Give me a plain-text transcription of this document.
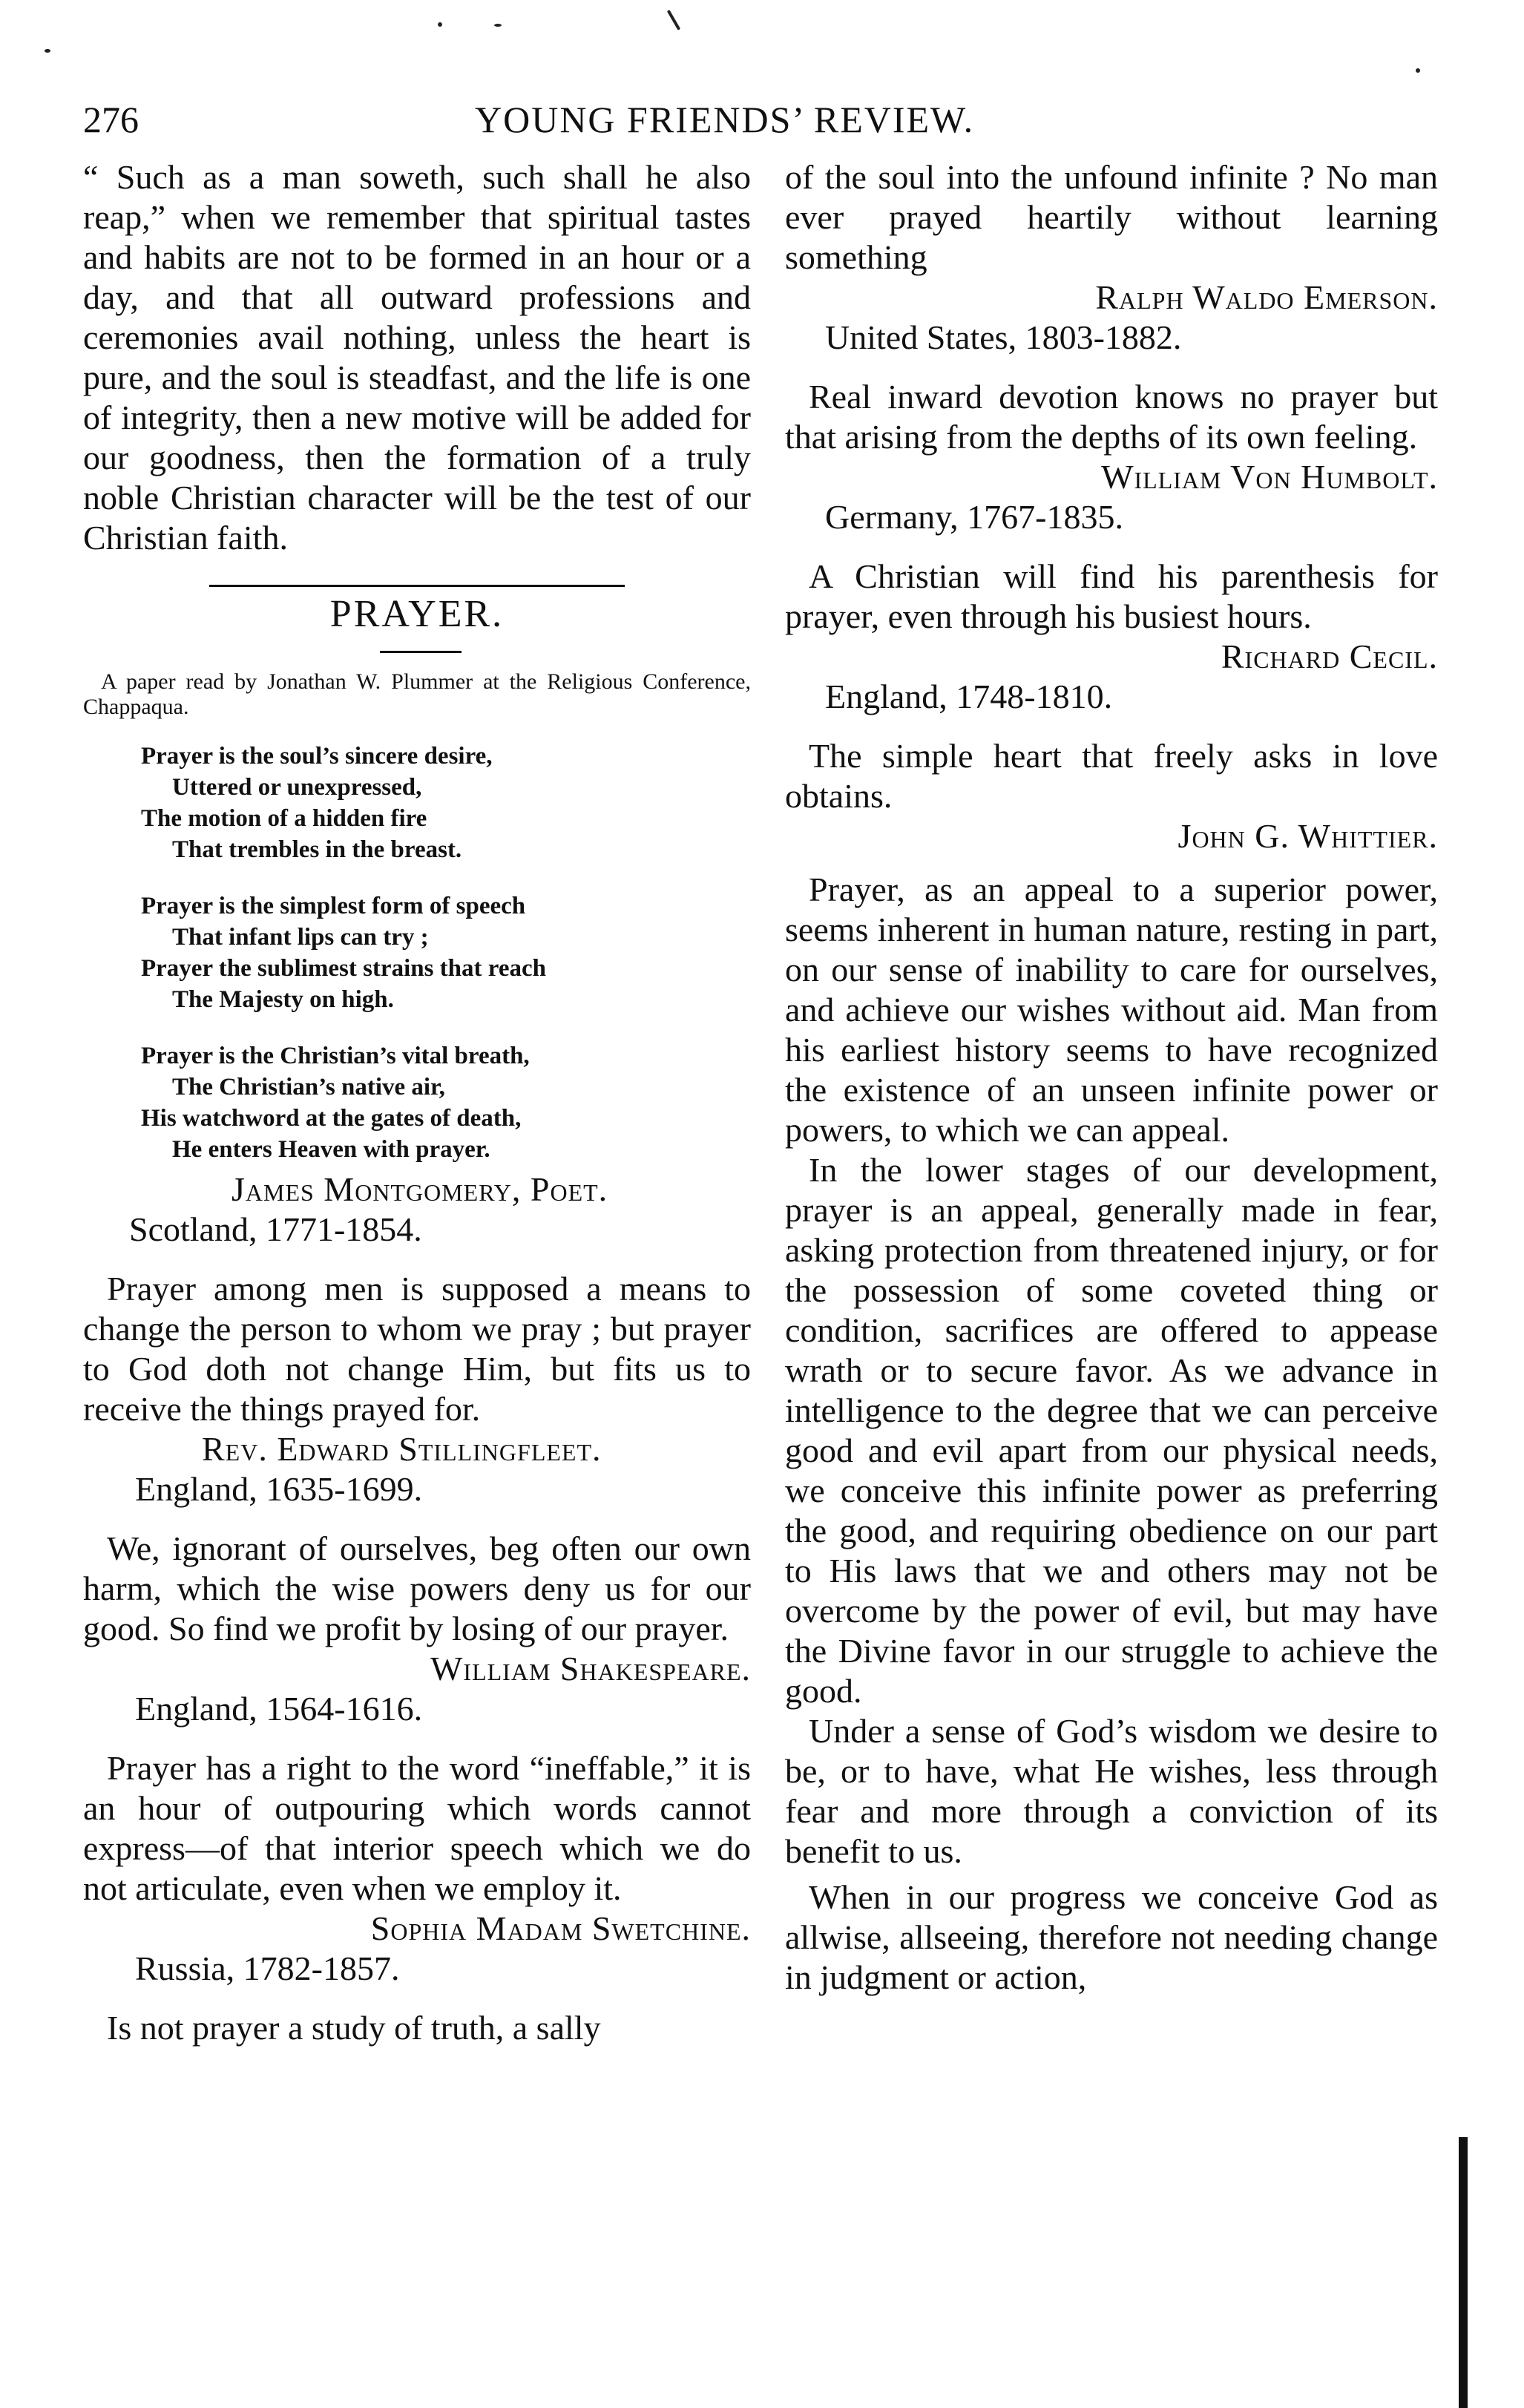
276	YOUNG FRIENDS’ REVIEW.

“ Such as a man soweth, such shall he also reap,” when we remember that spiritual tastes and habits are not to be formed in an hour or a day, and that all outward professions and ceremonies avail nothing, unless the heart is pure, and the soul is steadfast, and the life is one of integrity, then a new motive will be added for our goodness, then the formation of a truly noble Christian character will be the test of our Christian faith.

PRAYER.

A paper read by Jonathan W. Plummer at the Religious Conference, Chappaqua.

Prayer is the soul’s sincere desire,
Uttered or unexpressed,
The motion of a hidden fire
That trembles in the breast.
Prayer is the simplest form of speech
That infant lips can try ;
Prayer the sublimest strains that reach
The Majesty on high.
Prayer is the Christian’s vital breath,
The Christian’s native air,
His watchword at the gates of death,
He enters Heaven with prayer.

James Montgomery, Poet.

Scotland, 1771-1854.

Prayer among men is supposed a means to change the person to whom we pray ; but prayer to God doth not change Him, but fits us to receive the things prayed for.

Rev. Edward Stillingfleet.

England, 1635-1699.

We, ignorant of ourselves, beg often our own harm, which the wise powers deny us for our good. So find we profit by losing of our prayer.

William Shakespeare.

England, 1564-1616.

Prayer has a right to the word “ineffable,” it is an hour of outpouring which words cannot express—of that interior speech which we do not articulate, even when we employ it.

Sophia Madam Swetchine.

Russia, 1782-1857.

Is not prayer a study of truth, a sally

of the soul into the unfound infinite ? No man ever prayed heartily without learning something

Ralph Waldo Emerson.

United States, 1803-1882.

Real inward devotion knows no prayer but that arising from the depths of its own feeling.

William Von Humbolt.

Germany, 1767-1835.

A Christian will find his parenthesis for prayer, even through his busiest hours.

Richard Cecil.

England, 1748-1810.

The simple heart that freely asks in love obtains.

John G. Whittier.

Prayer, as an appeal to a superior power, seems inherent in human nature, resting in part, on our sense of inability to care for ourselves, and achieve our wishes without aid. Man from his earliest history seems to have recognized the existence of an unseen infinite power or powers, to which we can appeal.

In the lower stages of our development, prayer is an appeal, generally made in fear, asking protection from threatened injury, or for the possession of some coveted thing or condition, sacrifices are offered to appease wrath or to secure favor. As we advance in intelligence to the degree that we can perceive good and evil apart from our physical needs, we conceive this infinite power as preferring the good, and requiring obedience on our part to His laws that we and others may not be overcome by the power of evil, but may have the Divine favor in our struggle to achieve the good.

Under a sense of God’s wisdom we desire to be, or to have, what He wishes, less through fear and more through a conviction of its benefit to us.

When in our progress we conceive God as allwise, allseeing, therefore not needing change in judgment or action,
